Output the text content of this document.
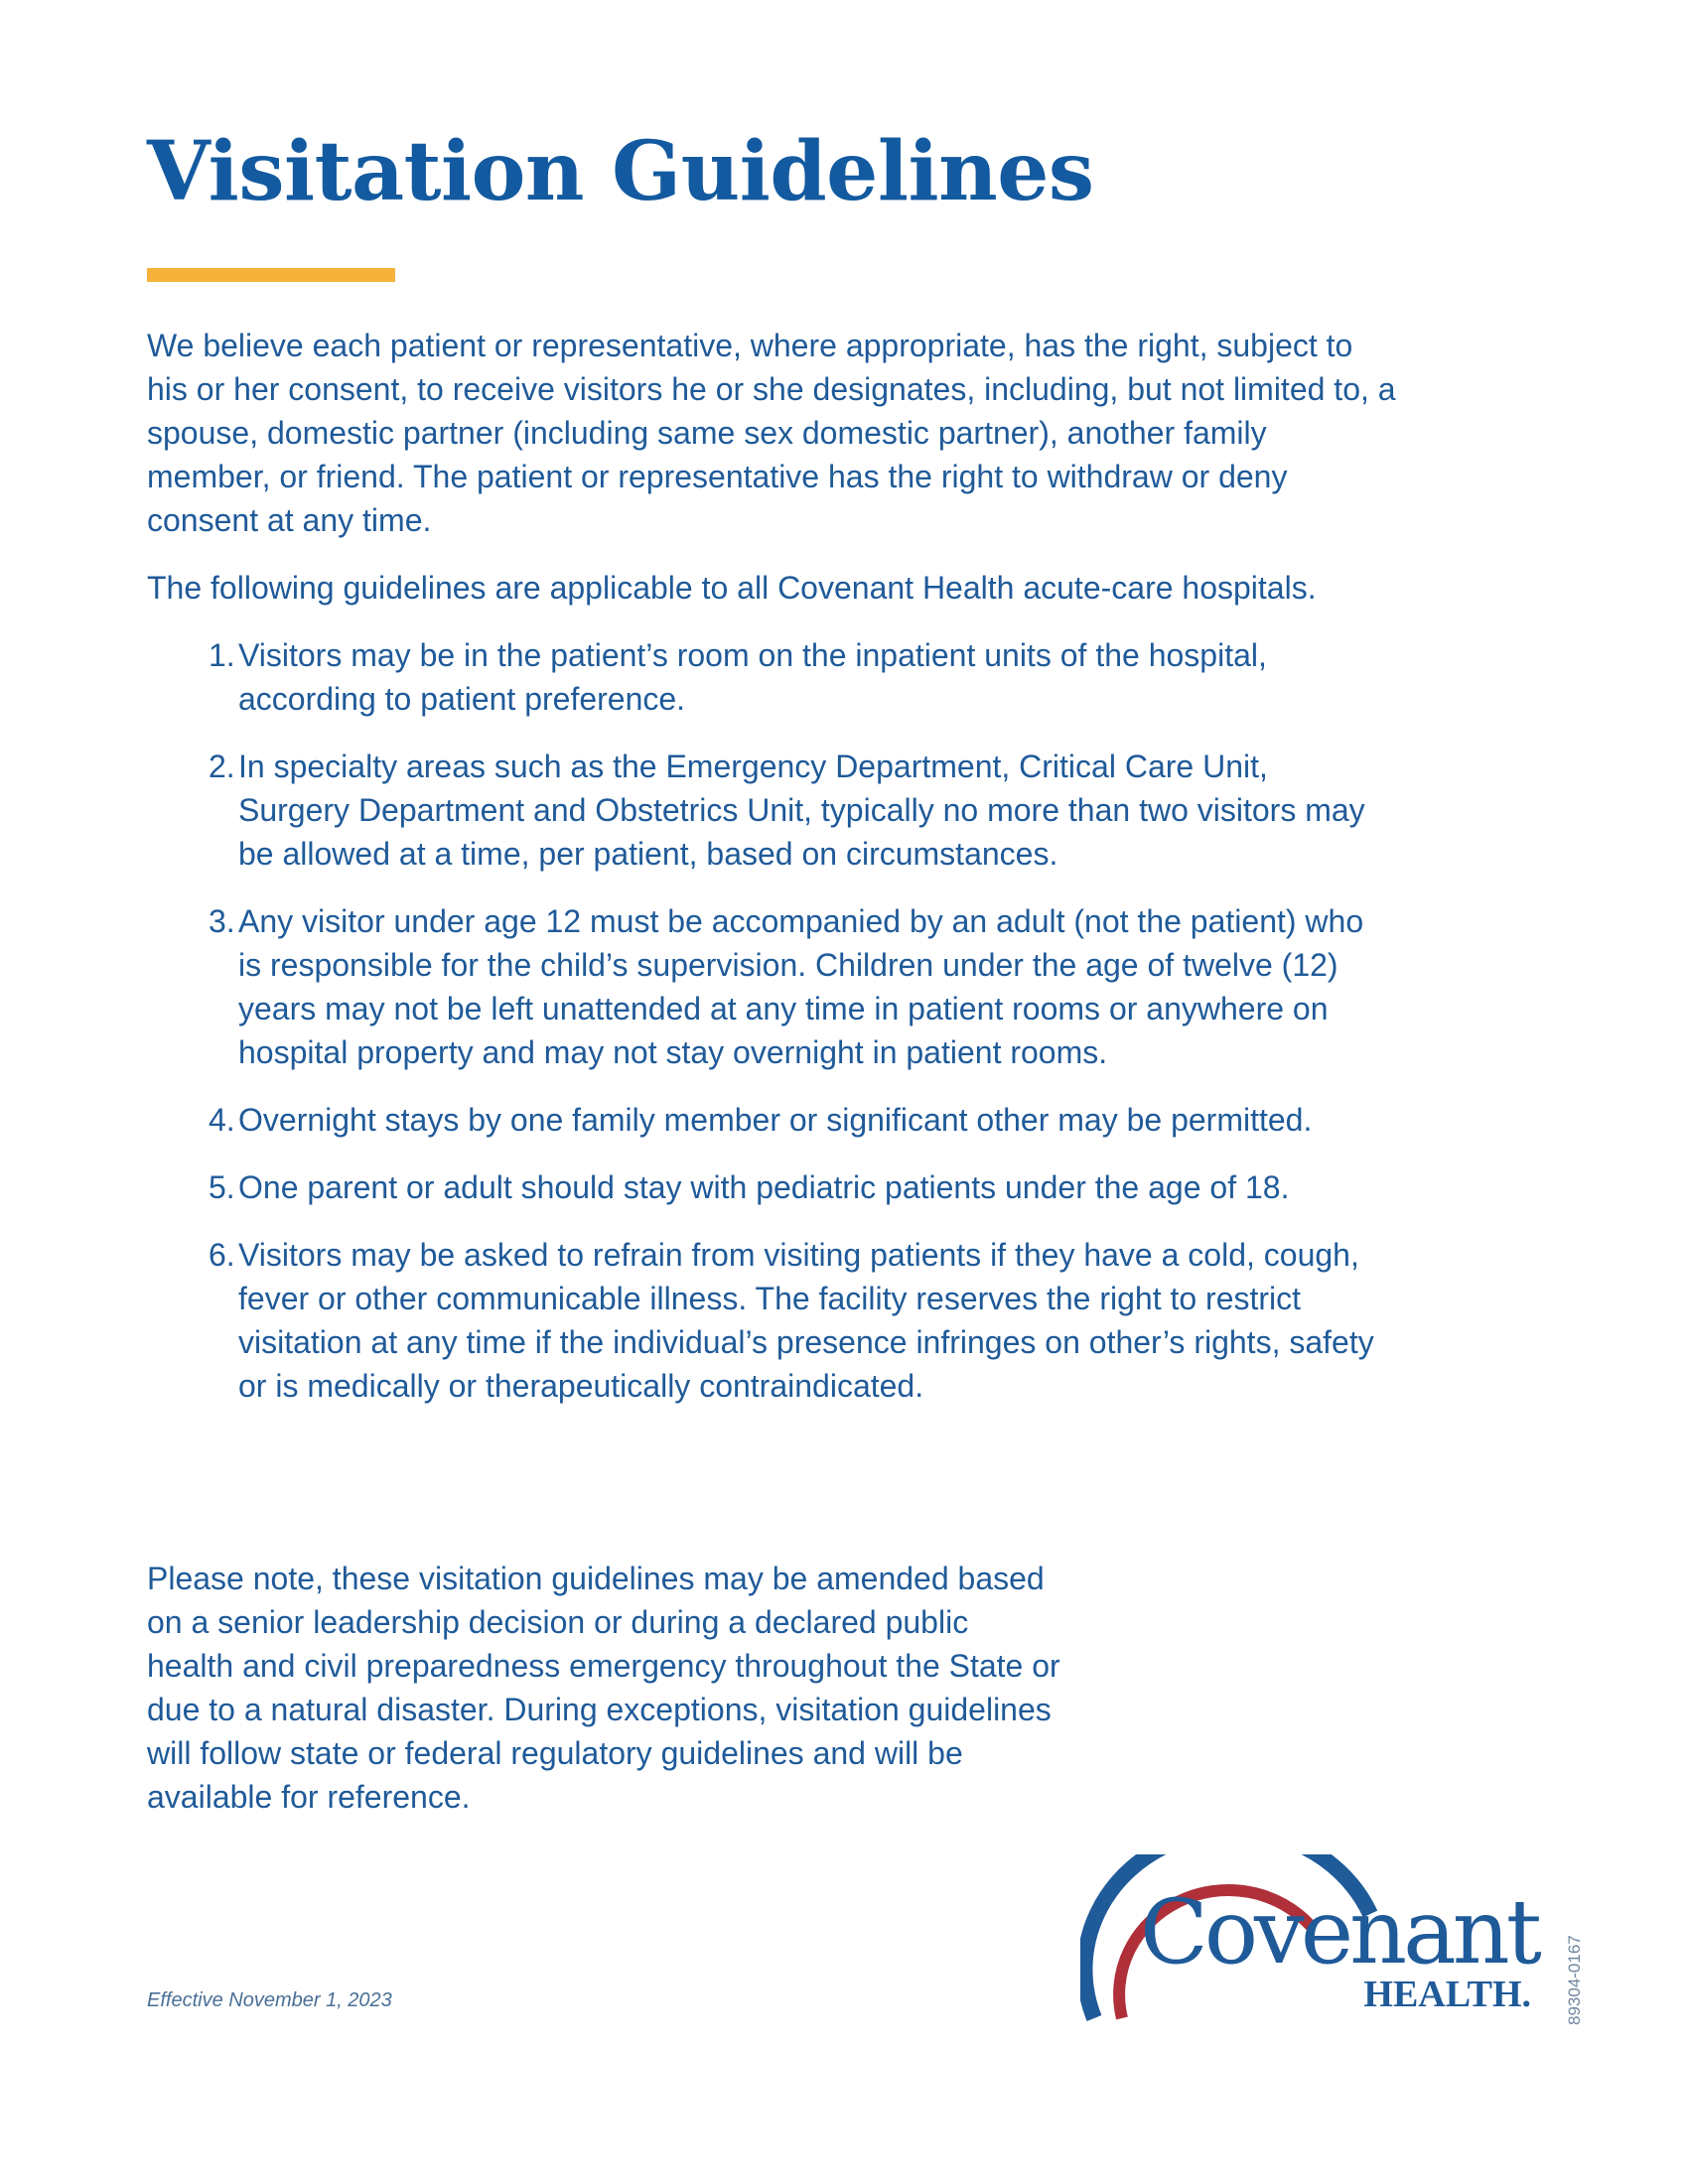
Visitation Guidelines

We believe each patient or representative, where appropriate, has the right, subject to his or her consent, to receive visitors he or she designates, including, but not limited to, a spouse, domestic partner (including same sex domestic partner), another family member, or friend. The patient or representative has the right to withdraw or deny consent at any time.

The following guidelines are applicable to all Covenant Health acute-care hospitals.

1. Visitors may be in the patient’s room on the inpatient units of the hospital, according to patient preference.
2. In specialty areas such as the Emergency Department, Critical Care Unit, Surgery Department and Obstetrics Unit, typically no more than two visitors may be allowed at a time, per patient, based on circumstances.
3. Any visitor under age 12 must be accompanied by an adult (not the patient) who is responsible for the child’s supervision. Children under the age of twelve (12) years may not be left unattended at any time in patient rooms or anywhere on hospital property and may not stay overnight in patient rooms.
4. Overnight stays by one family member or significant other may be permitted.
5. One parent or adult should stay with pediatric patients under the age of 18.
6. Visitors may be asked to refrain from visiting patients if they have a cold, cough, fever or other communicable illness. The facility reserves the right to restrict visitation at any time if the individual’s presence infringes on other’s rights, safety or is medically or therapeutically contraindicated.

Please note, these visitation guidelines may be amended based on a senior leadership decision or during a declared public health and civil preparedness emergency throughout the State or due to a natural disaster. During exceptions, visitation guidelines will follow state or federal regulatory guidelines and will be available for reference.

Effective November 1, 2023
Covenant
HEALTH. 89304-0167
